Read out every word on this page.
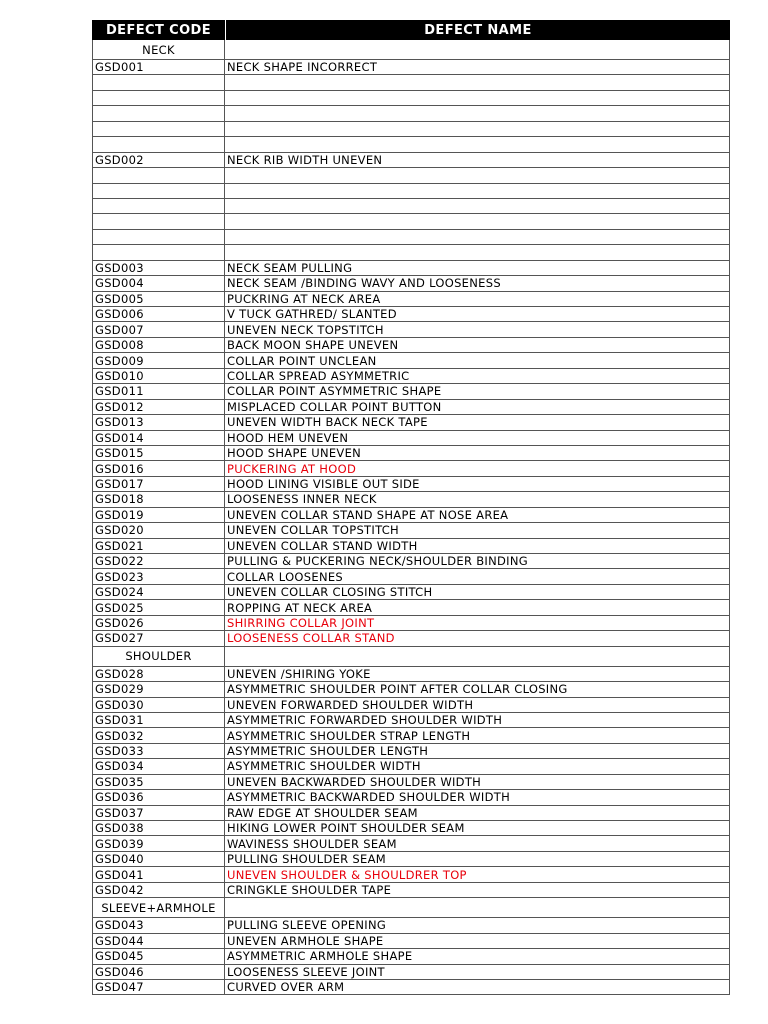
DEFECT CODE	DEFECT NAME
NECK
GSD001	NECK SHAPE INCORRECT
GSD002	NECK RIB WIDTH UNEVEN
GSD003	NECK SEAM PULLING
GSD004	NECK SEAM /BINDING WAVY AND LOOSENESS
GSD005	PUCKRING AT NECK AREA
GSD006	V TUCK GATHRED/ SLANTED
GSD007	UNEVEN NECK TOPSTITCH
GSD008	BACK MOON SHAPE UNEVEN
GSD009	COLLAR POINT UNCLEAN
GSD010	COLLAR SPREAD ASYMMETRIC
GSD011	COLLAR POINT ASYMMETRIC SHAPE
GSD012	MISPLACED COLLAR POINT BUTTON
GSD013	UNEVEN WIDTH BACK NECK TAPE
GSD014	HOOD HEM UNEVEN
GSD015	HOOD SHAPE UNEVEN
GSD016	PUCKERING AT HOOD
GSD017	HOOD LINING VISIBLE OUT SIDE
GSD018	LOOSENESS INNER NECK
GSD019	UNEVEN COLLAR STAND SHAPE AT NOSE AREA
GSD020	UNEVEN COLLAR TOPSTITCH
GSD021	UNEVEN COLLAR STAND WIDTH
GSD022	PULLING & PUCKERING NECK/SHOULDER BINDING
GSD023	COLLAR LOOSENES
GSD024	UNEVEN COLLAR CLOSING STITCH
GSD025	ROPPING AT NECK AREA
GSD026	SHIRRING COLLAR JOINT
GSD027	LOOSENESS COLLAR STAND
SHOULDER
GSD028	UNEVEN /SHIRING YOKE
GSD029	ASYMMETRIC SHOULDER POINT AFTER COLLAR CLOSING
GSD030	UNEVEN FORWARDED SHOULDER WIDTH
GSD031	ASYMMETRIC FORWARDED SHOULDER WIDTH
GSD032	ASYMMETRIC SHOULDER STRAP LENGTH
GSD033	ASYMMETRIC SHOULDER LENGTH
GSD034	ASYMMETRIC SHOULDER WIDTH
GSD035	UNEVEN BACKWARDED SHOULDER WIDTH
GSD036	ASYMMETRIC BACKWARDED SHOULDER WIDTH
GSD037	RAW EDGE AT SHOULDER SEAM
GSD038	HIKING LOWER POINT SHOULDER SEAM
GSD039	WAVINESS SHOULDER SEAM
GSD040	PULLING SHOULDER SEAM
GSD041	UNEVEN SHOULDER & SHOULDRER TOP
GSD042	CRINGKLE SHOULDER TAPE
SLEEVE+ARMHOLE
GSD043	PULLING SLEEVE OPENING
GSD044	UNEVEN ARMHOLE SHAPE
GSD045	ASYMMETRIC ARMHOLE SHAPE
GSD046	LOOSENESS SLEEVE JOINT
GSD047	CURVED OVER ARM
